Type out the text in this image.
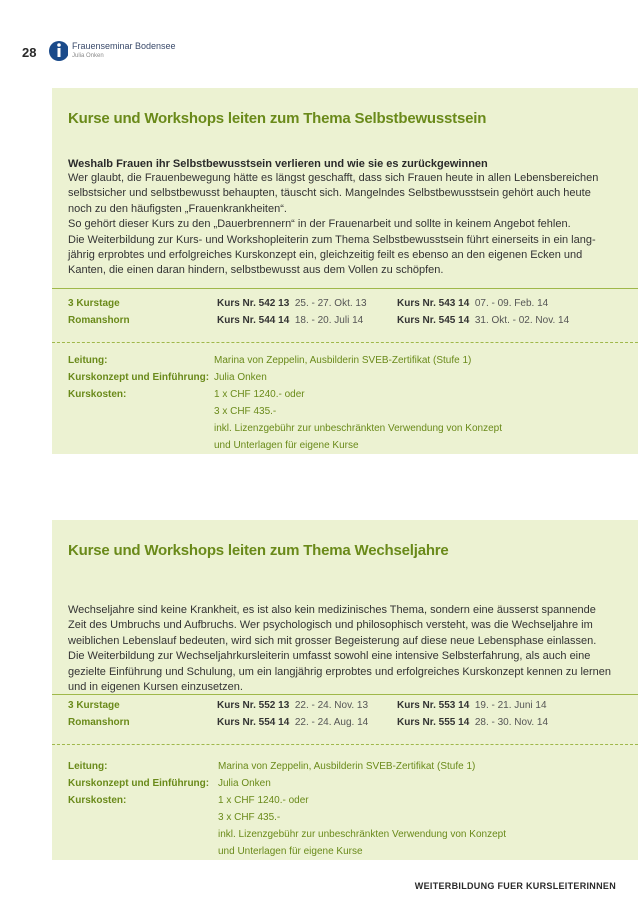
28	Frauenseminar Bodensee
Julia Onken
Kurse und Workshops leiten zum Thema Selbstbewusstsein
Weshalb Frauen ihr Selbstbewusstsein verlieren und wie sie es zurückgewinnen
Wer glaubt, die Frauenbewegung hätte es längst geschafft, dass sich Frauen heute in allen Lebensbereichen
selbstsicher und selbstbewusst behaupten, täuscht sich. Mangelndes Selbstbewusstsein gehört auch heute
noch zu den häufigsten „Frauenkrankheiten“.
So gehört dieser Kurs zu den „Dauerbrennern“ in der Frauenarbeit und sollte in keinem Angebot fehlen.
Die Weiterbildung zur Kurs- und Workshopleiterin zum Thema Selbstbewusstsein führt einerseits in ein lang-
jährig erprobtes und erfolgreiches Kurskonzept ein, gleichzeitig feilt es ebenso an den eigenen Ecken und
Kanten, die einen daran hindern, selbstbewusst aus dem Vollen zu schöpfen.
3 Kurstage
Romanshorn
Kurs Nr. 542 13 25. - 27. Okt. 13
Kurs Nr. 544 14 18. - 20. Juli 14
Kurs Nr. 543 14 07. - 09. Feb. 14
Kurs Nr. 545 14 31. Okt. - 02. Nov. 14
Leitung:
Kurskonzept und Einführung:
Kurskosten:
Marina von Zeppelin, Ausbilderin SVEB-Zertifikat (Stufe 1)
Julia Onken
1 x CHF 1240.- oder
3 x CHF 435.-
inkl. Lizenzgebühr zur unbeschränkten Verwendung von Konzept
und Unterlagen für eigene Kurse
Kurse und Workshops leiten zum Thema Wechseljahre
Wechseljahre sind keine Krankheit, es ist also kein medizinisches Thema, sondern eine äusserst spannende
Zeit des Umbruchs und Aufbruchs. Wer psychologisch und philosophisch versteht, was die Wechseljahre im
weiblichen Lebenslauf bedeuten, wird sich mit grosser Begeisterung auf diese neue Lebensphase einlassen.
Die Weiterbildung zur Wechseljahrkursleiterin umfasst sowohl eine intensive Selbsterfahrung, als auch eine
gezielte Einführung und Schulung, um ein langjährig erprobtes und erfolgreiches Kurskonzept kennen zu lernen
und in eigenen Kursen einzusetzen.
3 Kurstage
Romanshorn
Kurs Nr. 552 13 22. - 24. Nov. 13
Kurs Nr. 554 14 22. - 24. Aug. 14
Kurs Nr. 553 14 19. - 21. Juni 14
Kurs Nr. 555 14 28. - 30. Nov. 14
Leitung:
Kurskonzept und Einführung:
Kurskosten:
Marina von Zeppelin, Ausbilderin SVEB-Zertifikat (Stufe 1)
Julia Onken
1 x CHF 1240.- oder
3 x CHF 435.-
inkl. Lizenzgebühr zur unbeschränkten Verwendung von Konzept
und Unterlagen für eigene Kurse
WEITERBILDUNG FUER KURSLEITERINNEN
